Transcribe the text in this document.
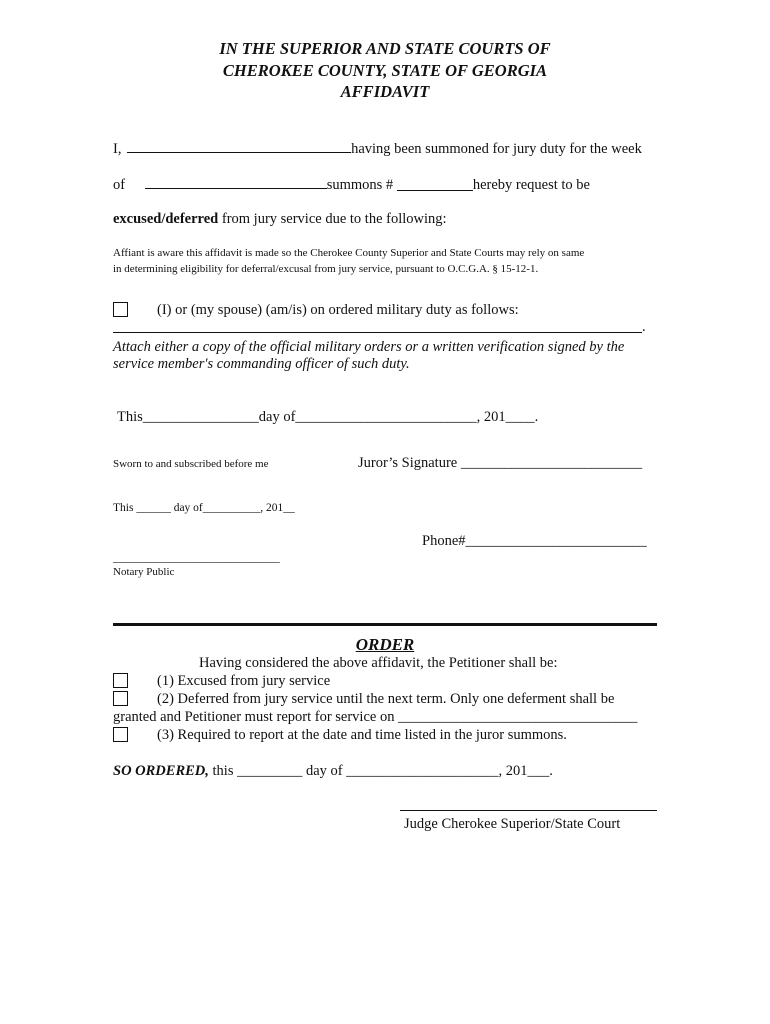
IN THE SUPERIOR AND STATE COURTS OF
CHEROKEE COUNTY, STATE OF GEORGIA
AFFIDAVIT
I,	having been summoned for jury duty for the week
of	summons #	hereby request to be
excused/deferred from jury service due to the following:
Affiant is aware this affidavit is made so the Cherokee County Superior and State Courts may rely on same
in determining eligibility for deferral/excusal from jury service, pursuant to O.C.G.A. § 15-12-1.
(I) or (my spouse) (am/is) on ordered military duty as follows:
.
Attach either a copy of the official military orders or a written verification signed by the
service member's commanding officer of such duty.
This________________day of_________________________, 201____.
Sworn to and subscribed before me	Juror’s Signature _________________________
This ______ day of__________, 201__
Phone#_________________________
_____________________________
Notary Public
ORDER
Having considered the above affidavit, the Petitioner shall be:
(1) Excused from jury service
(2) Deferred from jury service until the next term. Only one deferment shall be
granted and Petitioner must report for service on _________________________________
(3) Required to report at the date and time listed in the juror summons.
SO ORDERED, this _________ day of _____________________, 201___.
Judge Cherokee Superior/State Court
